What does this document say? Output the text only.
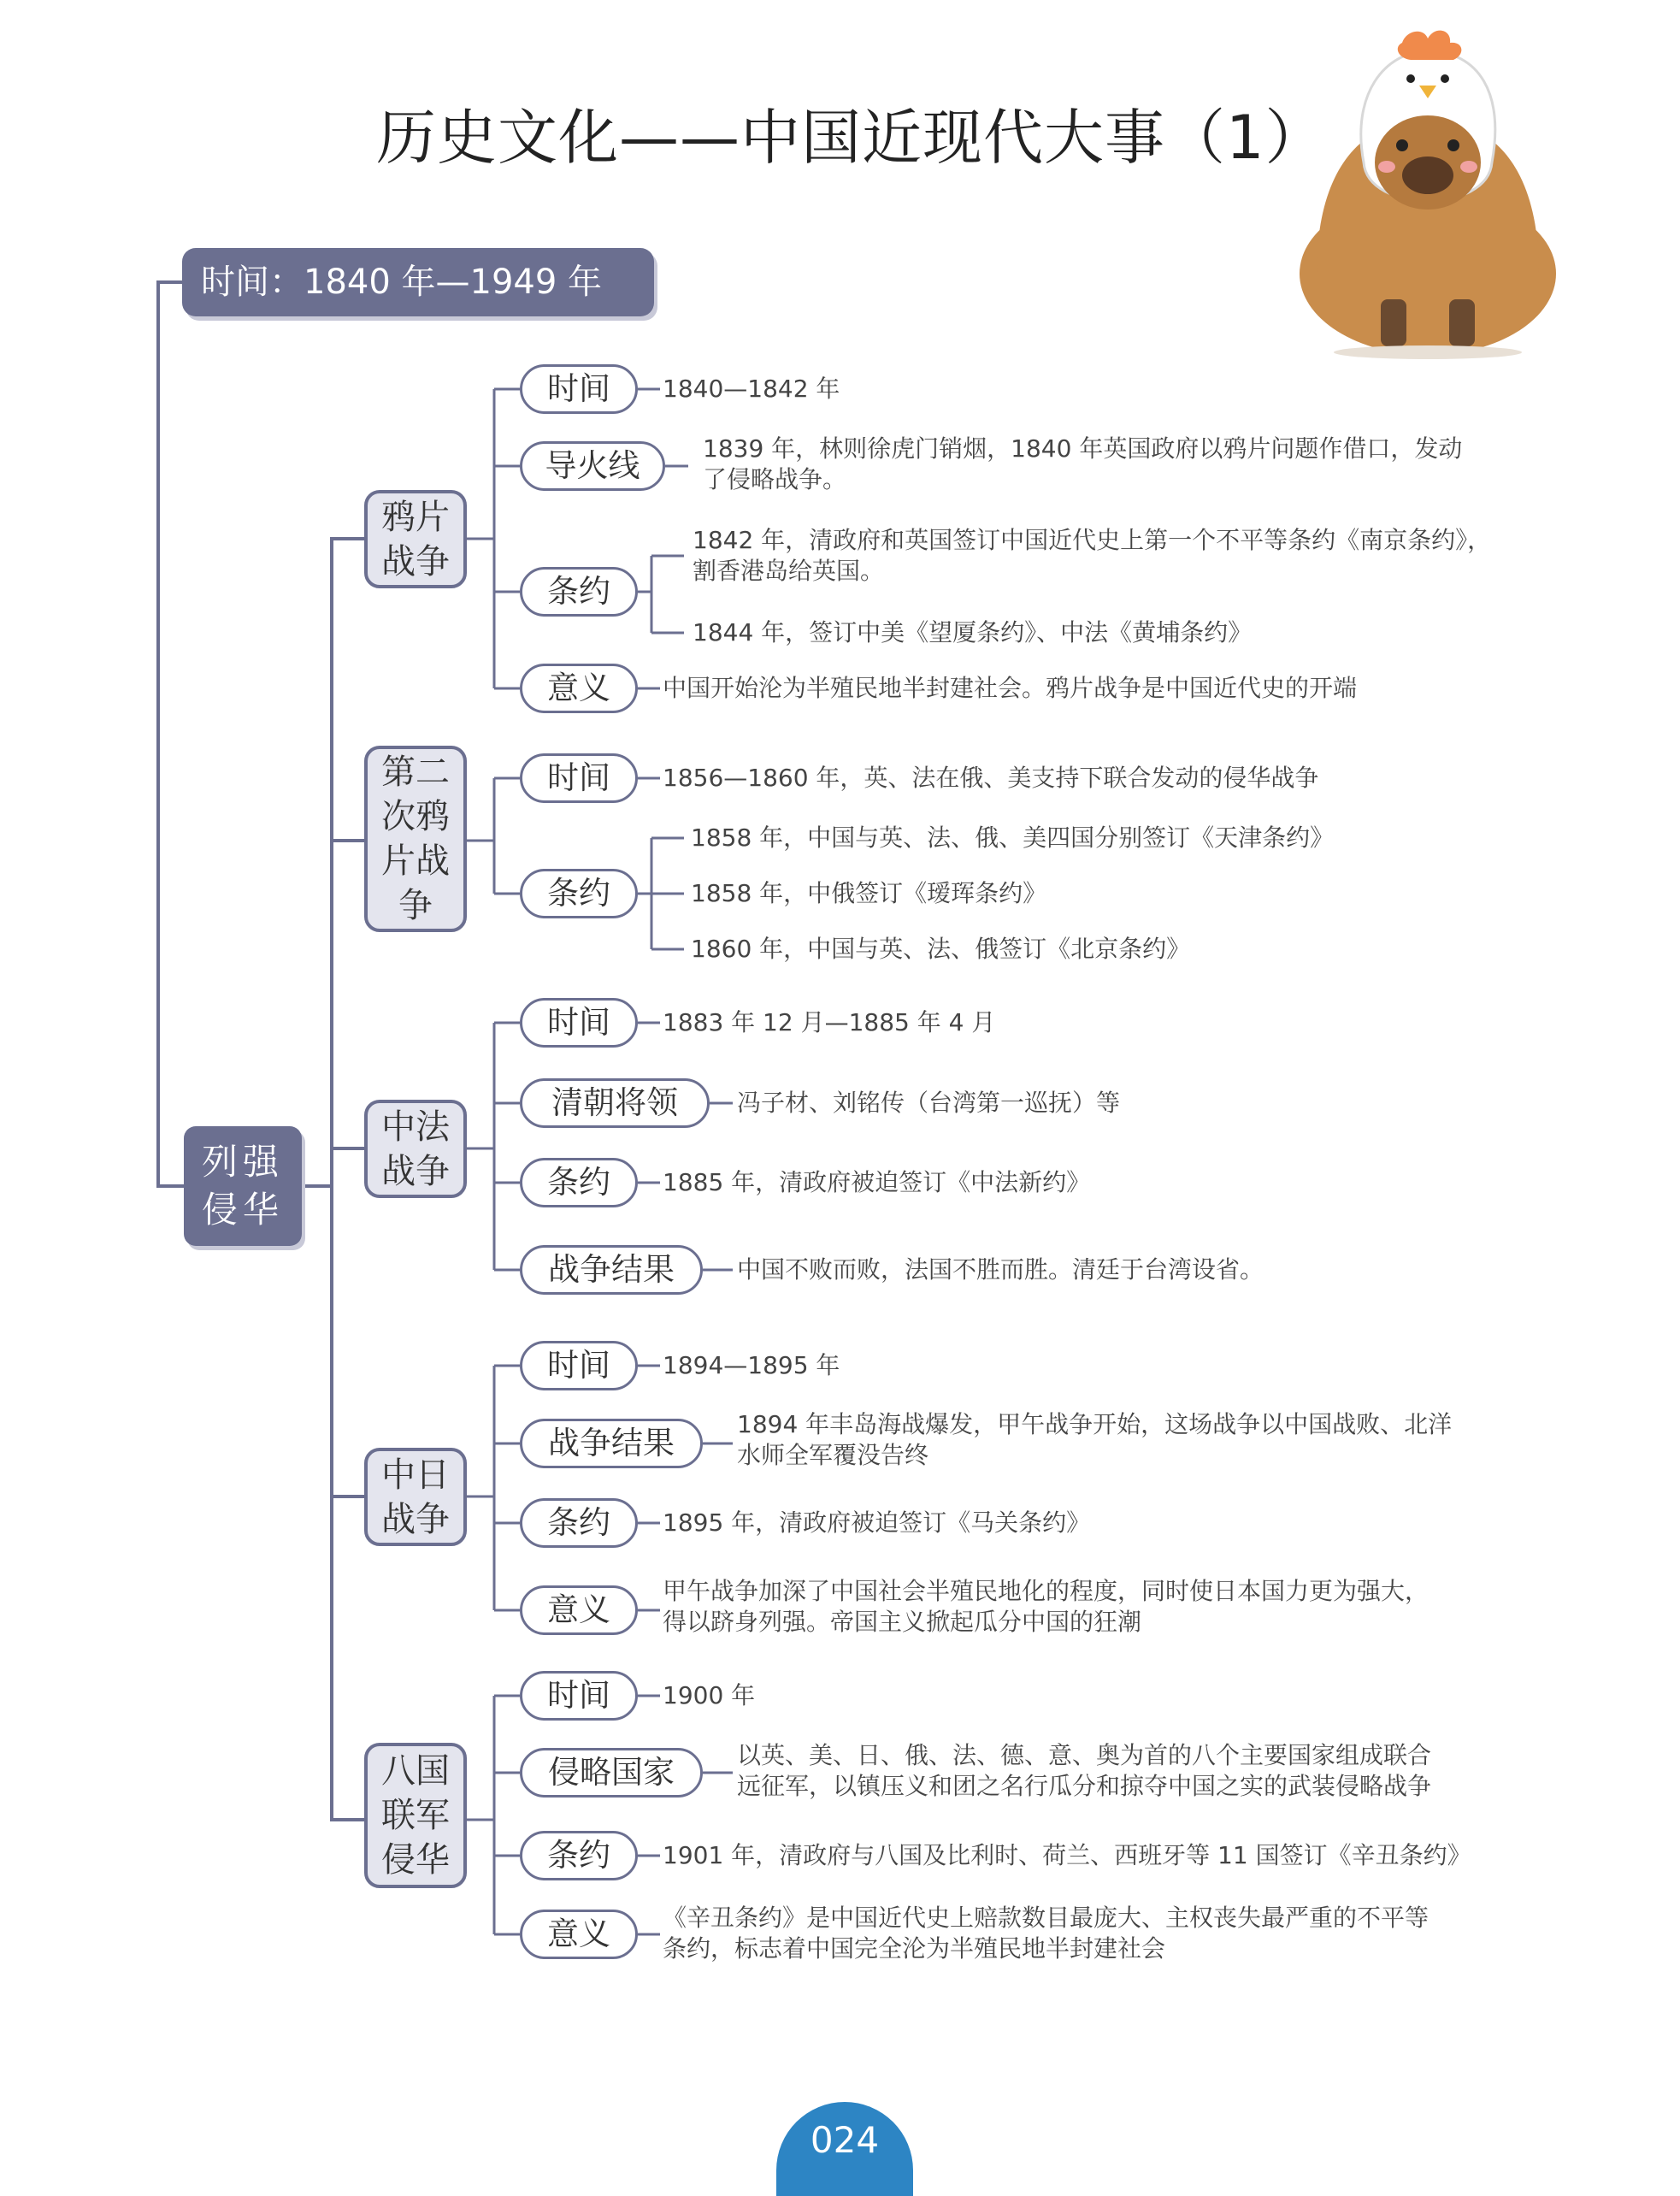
历史文化——中国近现代大事（1）
时间：1840 年—1949 年
列强
侵华
鸦片
战争
时间	1840—1842 年
导火线	1839 年，林则徐虎门销烟，1840 年英国政府以鸦片问题作借口，发动
了侵略战争。
条约
1842 年，清政府和英国签订中国近代史上第一个不平等条约《南京条约》，
割香港岛给英国。
1844 年，签订中美《望厦条约》、中法《黄埔条约》
意义	中国开始沦为半殖民地半封建社会。鸦片战争是中国近代史的开端
第二
次鸦
片战
争
时间	1856—1860 年，英、法在俄、美支持下联合发动的侵华战争
条约
1858 年，中国与英、法、俄、美四国分别签订《天津条约》
1858 年，中俄签订《瑷珲条约》
1860 年，中国与英、法、俄签订《北京条约》
中法
战争
时间	1883 年 12 月—1885 年 4 月
清朝将领	冯子材、刘铭传（台湾第一巡抚）等
条约	1885 年，清政府被迫签订《中法新约》
战争结果	中国不败而败，法国不胜而胜。清廷于台湾设省。
中日
战争
时间	1894—1895 年
战争结果
1894 年丰岛海战爆发，甲午战争开始，这场战争以中国战败、北洋
水师全军覆没告终
条约	1895 年，清政府被迫签订《马关条约》
意义
甲午战争加深了中国社会半殖民地化的程度，同时使日本国力更为强大，
得以跻身列强。帝国主义掀起瓜分中国的狂潮
八国
联军
侵华
时间	1900 年
侵略国家	以英、美、日、俄、法、德、意、奥为首的八个主要国家组成联合
远征军，以镇压义和团之名行瓜分和掠夺中国之实的武装侵略战争
条约	1901 年，清政府与八国及比利时、荷兰、西班牙等 11 国签订《辛丑条约》
意义	《辛丑条约》是中国近代史上赔款数目最庞大、主权丧失最严重的不平等
条约，标志着中国完全沦为半殖民地半封建社会
024
